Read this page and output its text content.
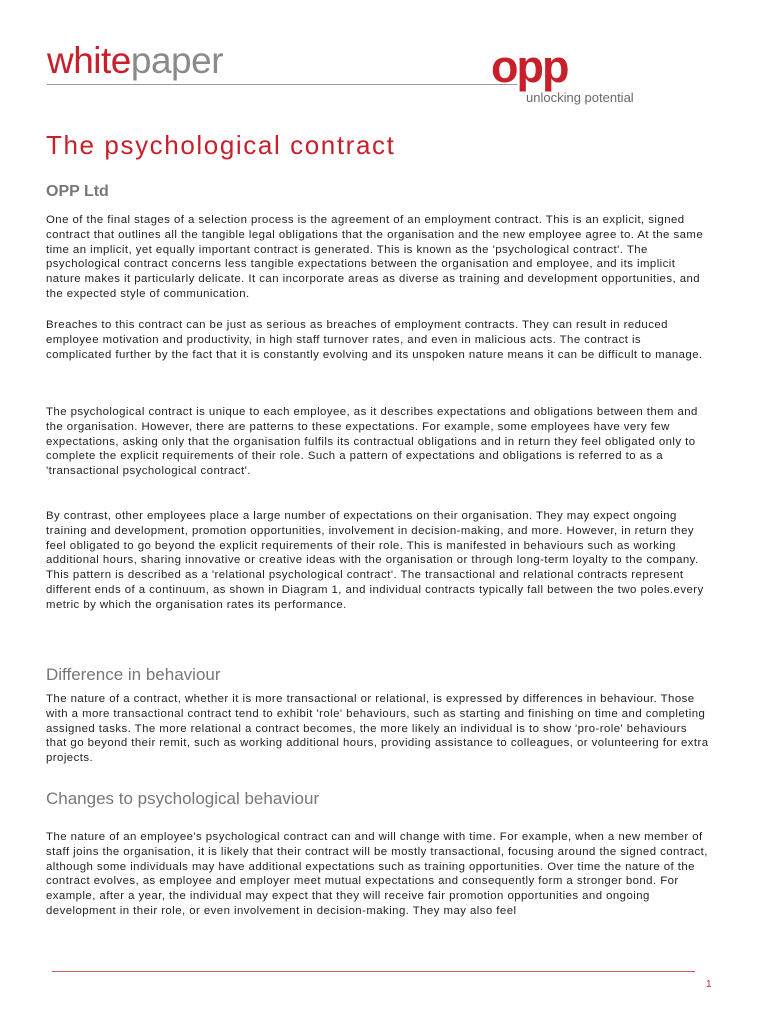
whitepaper	opp
unlocking potential
The psychological contract
OPP Ltd

One of the final stages of a selection process is the agreement of an employment contract. This is an explicit, signed contract that outlines all the tangible legal obligations that the organisation and the new employee agree to. At the same time an implicit, yet equally important contract is generated. This is known as the 'psychological contract'. The psychological contract concerns less tangible expectations between the organisation and employee, and its implicit nature makes it particularly delicate. It can incorporate areas as diverse as training and development opportunities, and the expected style of communication.

Breaches to this contract can be just as serious as breaches of employment contracts. They can result in reduced employee motivation and productivity, in high staff turnover rates, and even in malicious acts. The contract is complicated further by the fact that it is constantly evolving and its unspoken nature means it can be difficult to manage.

The psychological contract is unique to each employee, as it describes expectations and obligations between them and the organisation. However, there are patterns to these expectations. For example, some employees have very few expectations, asking only that the organisation fulfils its contractual obligations and in return they feel obligated only to complete the explicit requirements of their role. Such a pattern of expectations and obligations is referred to as a 'transactional psychological contract'.

By contrast, other employees place a large number of expectations on their organisation. They may expect ongoing training and development, promotion opportunities, involvement in decision-making, and more. However, in return they feel obligated to go beyond the explicit requirements of their role. This is manifested in behaviours such as working additional hours, sharing innovative or creative ideas with the organisation or through long-term loyalty to the company. This pattern is described as a 'relational psychological contract'. The transactional and relational contracts represent different ends of a continuum, as shown in Diagram 1, and individual contracts typically fall between the two poles.every metric by which the organisation rates its performance.

Difference in behaviour

The nature of a contract, whether it is more transactional or relational, is expressed by differences in behaviour. Those with a more transactional contract tend to exhibit 'role' behaviours, such as starting and finishing on time and completing assigned tasks. The more relational a contract becomes, the more likely an individual is to show 'pro-role' behaviours that go beyond their remit, such as working additional hours, providing assistance to colleagues, or volunteering for extra projects.

Changes to psychological behaviour

The nature of an employee's psychological contract can and will change with time. For example, when a new member of staff joins the organisation, it is likely that their contract will be mostly transactional, focusing around the signed contract, although some individuals may have additional expectations such as training opportunities. Over time the nature of the contract evolves, as employee and employer meet mutual expectations and consequently form a stronger bond. For example, after a year, the individual may expect that they will receive fair promotion opportunities and ongoing development in their role, or even involvement in decision-making. They may also feel

1
